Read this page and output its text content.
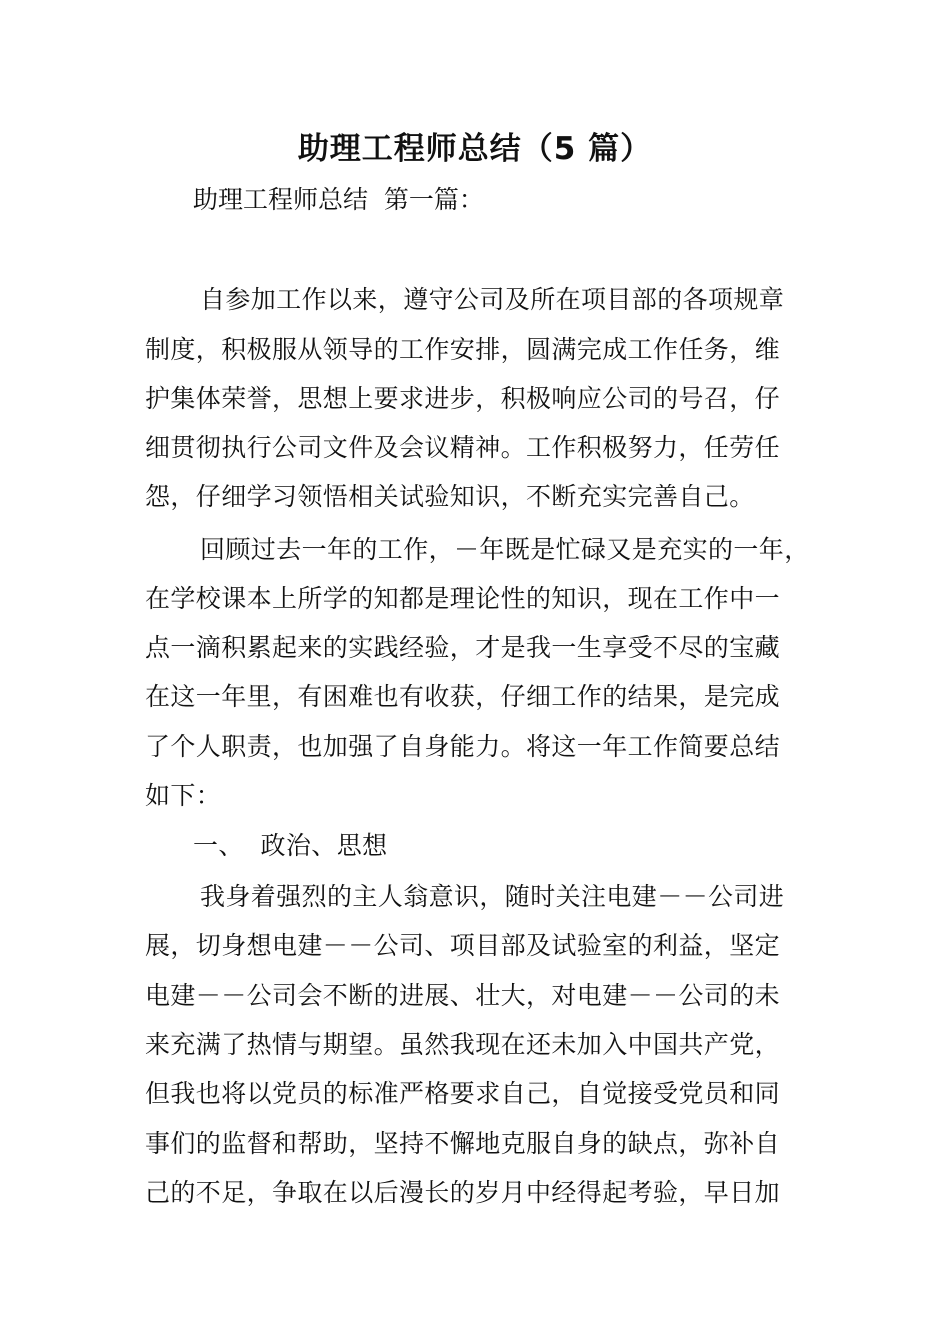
助理工程师总结（5 篇）
助理工程师总结  第一篇：
自参加工作以来，遵守公司及所在项目部的各项规章
制度，积极服从领导的工作安排，圆满完成工作任务，维
护集体荣誉，思想上要求进步，积极响应公司的号召，仔
细贯彻执行公司文件及会议精神。工作积极努力，任劳任
怨，仔细学习领悟相关试验知识，不断充实完善自己。
回顾过去一年的工作，－年既是忙碌又是充实的一年，
在学校课本上所学的知都是理论性的知识，现在工作中一
点一滴积累起来的实践经验，才是我一生享受不尽的宝藏
在这一年里，有困难也有收获，仔细工作的结果，是完成
了个人职责，也加强了自身能力。将这一年工作简要总结
如下：
一、  政治、思想
我身着强烈的主人翁意识，随时关注电建－－公司进
展，切身想电建－－公司、项目部及试验室的利益，坚定
电建－－公司会不断的进展、壮大，对电建－－公司的未
来充满了热情与期望。虽然我现在还未加入中国共产党，
但我也将以党员的标准严格要求自己，自觉接受党员和同
事们的监督和帮助，坚持不懈地克服自身的缺点，弥补自
己的不足，争取在以后漫长的岁月中经得起考验，早日加
